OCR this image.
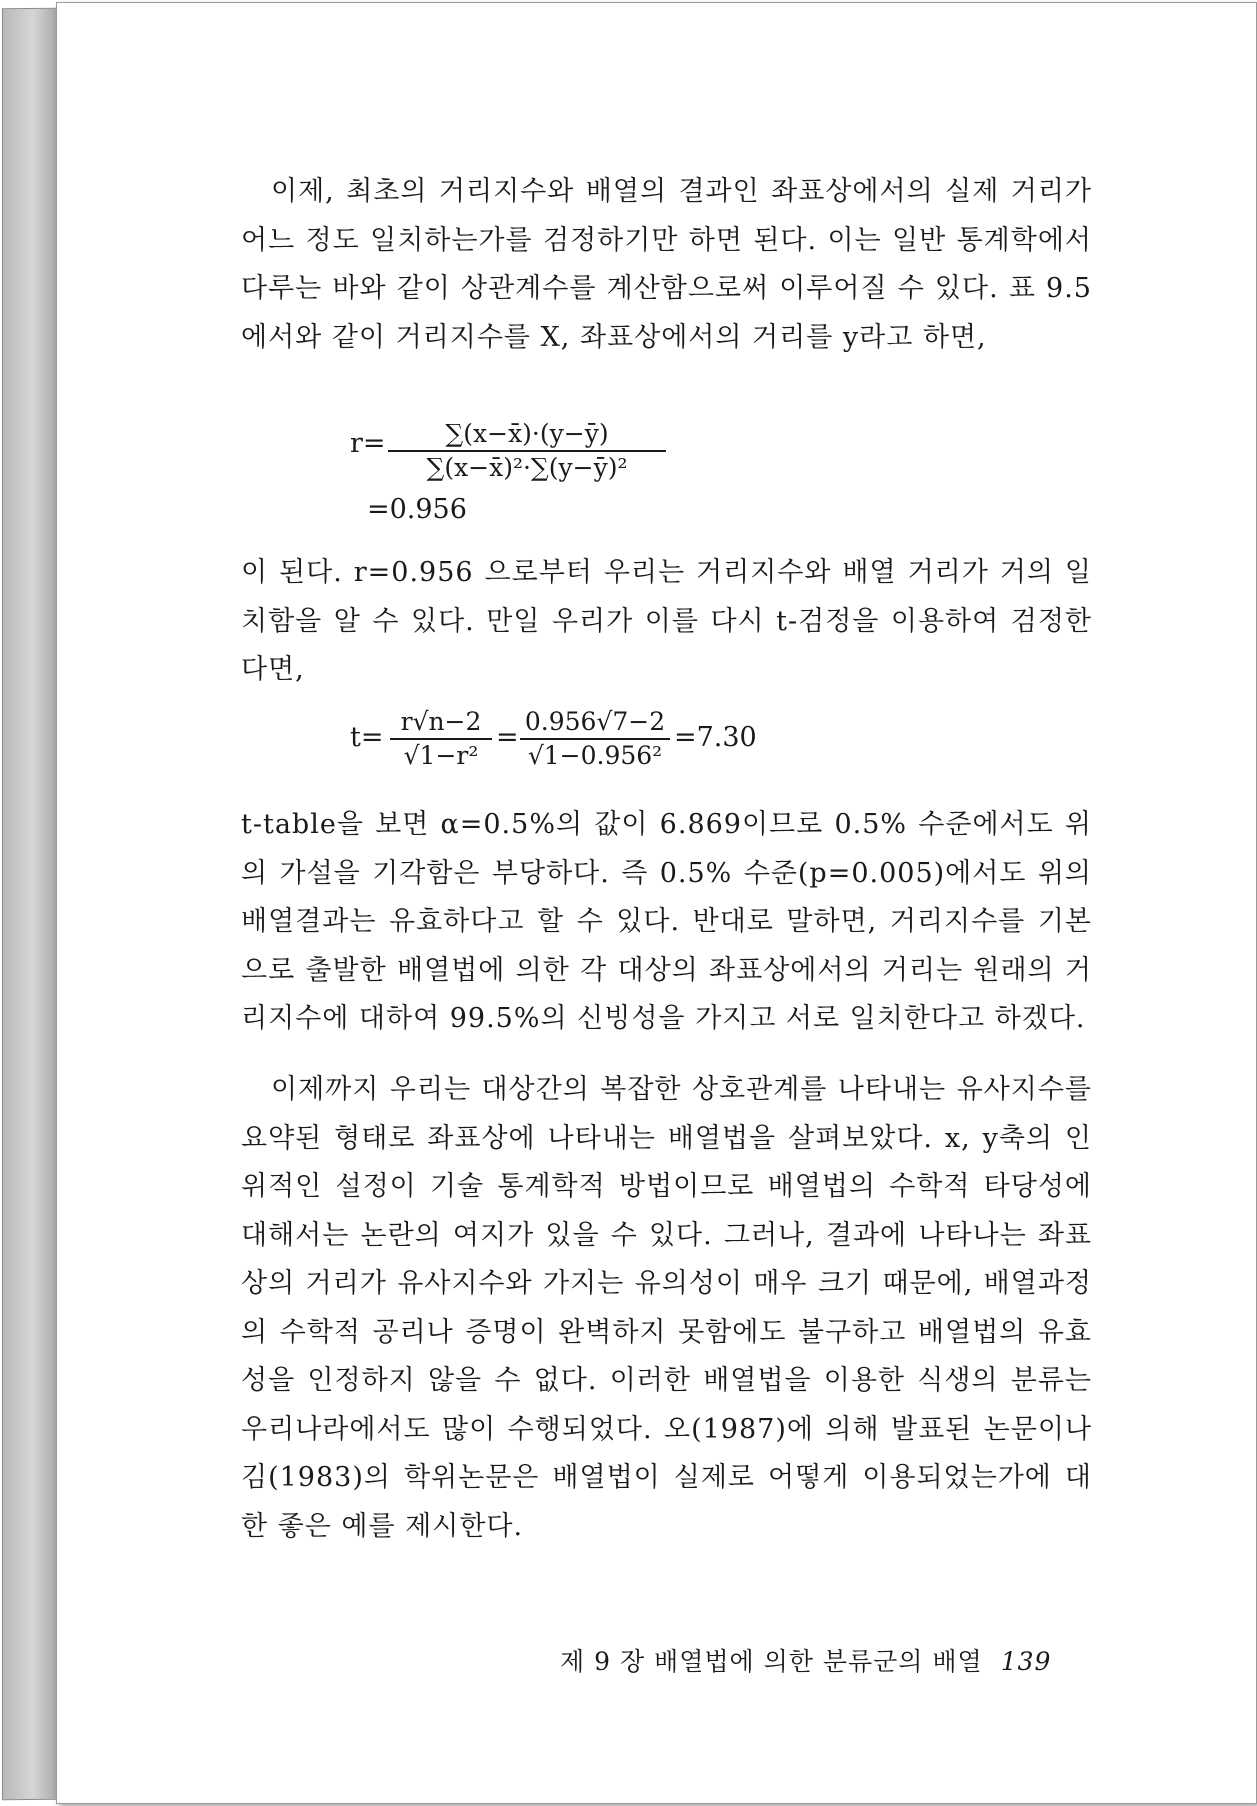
이제, 최초의 거리지수와 배열의 결과인 좌표상에서의 실제 거리가 어느 정도 일치하는가를 검정하기만 하면 된다. 이는 일반 통계학에서 다루는 바와 같이 상관계수를 계산함으로써 이루어질 수 있다. 표 9.5에서와 같이 거리지수를 X, 좌표상에서의 거리를 y라고 하면,
r=	∑(x−x̄)·(y−ȳ)
∑(x−x̄)²·∑(y−ȳ)²
=0.956
이 된다. r=0.956 으로부터 우리는 거리지수와 배열 거리가 거의 일치함을 알 수 있다. 만일 우리가 이를 다시 t-검정을 이용하여 검정한다면,
t=
r√n−2
√1−r²
=
0.956√7−2
√1−0.956²
=7.30
t-table을 보면 α=0.5%의 값이 6.869이므로 0.5% 수준에서도 위의 가설을 기각함은 부당하다. 즉 0.5% 수준(p=0.005)에서도 위의 배열결과는 유효하다고 할 수 있다. 반대로 말하면, 거리지수를 기본으로 출발한 배열법에 의한 각 대상의 좌표상에서의 거리는 원래의 거리지수에 대하여 99.5%의 신빙성을 가지고 서로 일치한다고 하겠다.
이제까지 우리는 대상간의 복잡한 상호관계를 나타내는 유사지수를 요약된 형태로 좌표상에 나타내는 배열법을 살펴보았다. x, y축의 인위적인 설정이 기술 통계학적 방법이므로 배열법의 수학적 타당성에 대해서는 논란의 여지가 있을 수 있다. 그러나, 결과에 나타나는 좌표상의 거리가 유사지수와 가지는 유의성이 매우 크기 때문에, 배열과정의 수학적 공리나 증명이 완벽하지 못함에도 불구하고 배열법의 유효성을 인정하지 않을 수 없다. 이러한 배열법을 이용한 식생의 분류는 우리나라에서도 많이 수행되었다. 오(1987)에 의해 발표된 논문이나 김(1983)의 학위논문은 배열법이 실제로 어떻게 이용되었는가에 대한 좋은 예를 제시한다.
제 9 장 배열법에 의한 분류군의 배열 139
